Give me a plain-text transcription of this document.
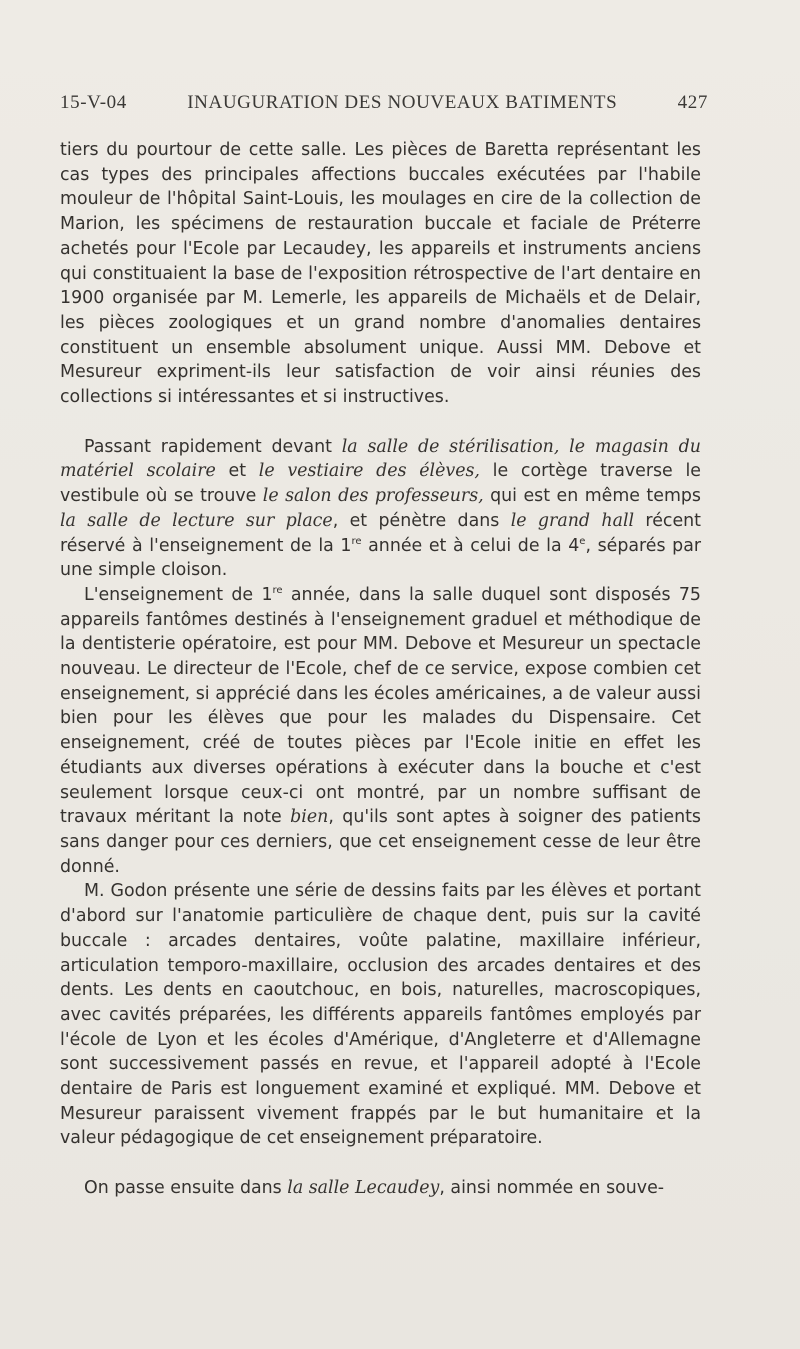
15-V-04	INAUGURATION DES NOUVEAUX BATIMENTS	427

tiers du pourtour de cette salle. Les pièces de Baretta représentant les cas types des principales affections buccales exécutées par l'habile mouleur de l'hôpital Saint-Louis, les moulages en cire de la collection de Marion, les spécimens de restauration buccale et faciale de Préterre achetés pour l'Ecole par Lecaudey, les appareils et instruments anciens qui constituaient la base de l'exposition rétrospective de l'art dentaire en 1900 organisée par M. Lemerle, les appareils de Michaëls et de Delair, les pièces zoologiques et un grand nombre d'anomalies dentaires constituent un ensemble absolument unique. Aussi MM. Debove et Mesureur expriment-ils leur satisfaction de voir ainsi réunies des collections si intéressantes et si instructives.

Passant rapidement devant la salle de stérilisation, le magasin du matériel scolaire et le vestiaire des élèves, le cortège traverse le vestibule où se trouve le salon des professeurs, qui est en même temps la salle de lecture sur place, et pénètre dans le grand hall récent réservé à l'enseignement de la 1re année et à celui de la 4e, séparés par une simple cloison.

L'enseignement de 1re année, dans la salle duquel sont disposés 75 appareils fantômes destinés à l'enseignement graduel et méthodique de la dentisterie opératoire, est pour MM. Debove et Mesureur un spectacle nouveau. Le directeur de l'Ecole, chef de ce service, expose combien cet enseignement, si apprécié dans les écoles américaines, a de valeur aussi bien pour les élèves que pour les malades du Dispensaire. Cet enseignement, créé de toutes pièces par l'Ecole initie en effet les étudiants aux diverses opérations à exécuter dans la bouche et c'est seulement lorsque ceux-ci ont montré, par un nombre suffisant de travaux méritant la note bien, qu'ils sont aptes à soigner des patients sans danger pour ces derniers, que cet enseignement cesse de leur être donné.

M. Godon présente une série de dessins faits par les élèves et portant d'abord sur l'anatomie particulière de chaque dent, puis sur la cavité buccale : arcades dentaires, voûte palatine, maxillaire inférieur, articulation temporo-maxillaire, occlusion des arcades dentaires et des dents. Les dents en caoutchouc, en bois, naturelles, macroscopiques, avec cavités préparées, les différents appareils fantômes employés par l'école de Lyon et les écoles d'Amérique, d'Angleterre et d'Allemagne sont successivement passés en revue, et l'appareil adopté à l'Ecole dentaire de Paris est longuement examiné et expliqué. MM. Debove et Mesureur paraissent vivement frappés par le but humanitaire et la valeur pédagogique de cet enseignement préparatoire.

On passe ensuite dans la salle Lecaudey, ainsi nommée en souve-
